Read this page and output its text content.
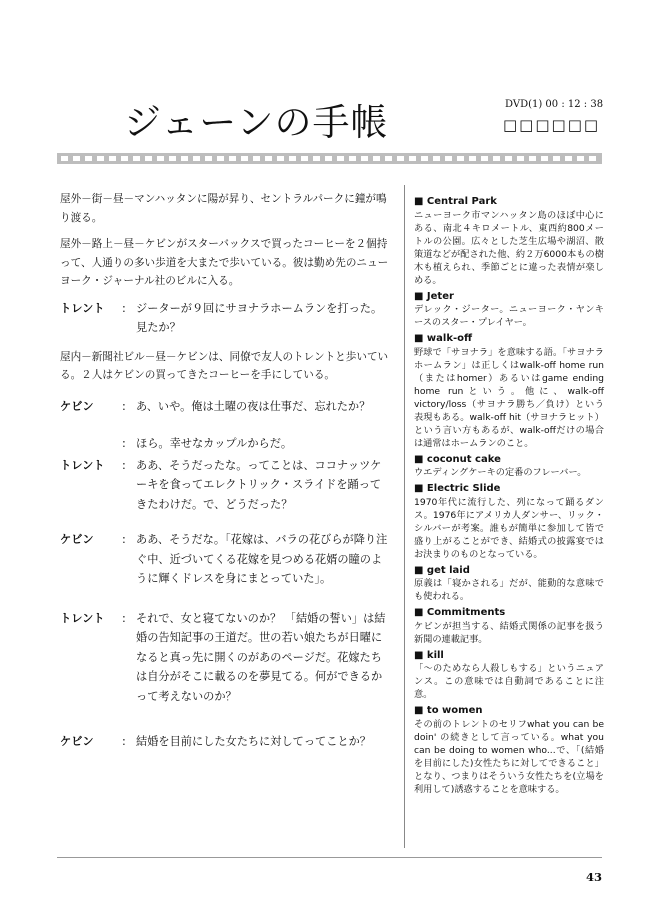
ジェーンの手帳	DVD(1) 00 : 12 : 38
□□□□□□

屋外－街－昼－マンハッタンに陽が昇り、セントラルパークに鐘が鳴り渡る。

屋外－路上－昼－ケビンがスターバックスで買ったコーヒーを２個持って、人通りの多い歩道を大またで歩いている。彼は勤め先のニューヨーク・ジャーナル社のビルに入る。

トレント : ジーターが９回にサヨナラホームランを打った。見たか？

屋内－新聞社ビル－昼－ケビンは、同僚で友人のトレントと歩いている。２人はケビンの買ってきたコーヒーを手にしている。

ケビン	: あ、いや。俺は土曜の夜は仕事だ、忘れたか？
: ほら。幸せなカップルからだ。
トレント : ああ、そうだったな。ってことは、ココナッツケーキを食ってエレクトリック・スライドを踊ってきたわけだ。で、どうだった？
ケビン	: ああ、そうだな。「花嫁は、バラの花びらが降り注ぐ中、近づいてくる花嫁を見つめる花婿の瞳のように輝くドレスを身にまとっていた」。
トレント : それで、女と寝てないのか？ 「結婚の誓い」は結婚の告知記事の王道だ。世の若い娘たちが日曜になると真っ先に開くのがあのページだ。花嫁たちは自分がそこに載るのを夢見てる。何ができるかって考えないのか？
ケビン	: 結婚を目前にした女たちに対してってことか？
■ Central Park
ニューヨーク市マンハッタン島のほぼ中心にある、南北４キロメートル、東西約800メートルの公園。広々とした芝生広場や湖沼、散策道などが配された他、約２万6000本もの樹木も植えられ、季節ごとに違った表情が楽しめる。
■ Jeter
デレック・ジーター。ニューヨーク・ヤンキースのスター・プレイヤー。
■ walk-off
野球で「サヨナラ」を意味する語。「サヨナラホームラン」は正しくはwalk-off home run（またはhomer）あるいはgame ending home runという。他に、walk-off victory/loss（サヨナラ勝ち／負け）という表現もある。walk-off hit（サヨナラヒット）という言い方もあるが、walk-offだけの場合は通常はホームランのこと。
■ coconut cake
ウエディングケーキの定番のフレーバー。
■ Electric Slide
1970年代に流行した、列になって踊るダンス。1976年にアメリカ人ダンサー、リック・シルバーが考案。誰もが簡単に参加して皆で盛り上がることができ、結婚式の披露宴ではお決まりのものとなっている。
■ get laid
原義は「寝かされる」だが、能動的な意味でも使われる。
■ Commitments
ケビンが担当する、結婚式関係の記事を扱う新聞の連載記事。
■ kill
「〜のためなら人殺しもする」というニュアンス。この意味では自動詞であることに注意。
■ to women
その前のトレントのセリフwhat you can be doin' の続きとして言っている。what you can be doing to women who...で、「(結婚を目前にした)女性たちに対してできること」となり、つまりはそういう女性たちを(立場を利用して)誘惑することを意味する。
43
